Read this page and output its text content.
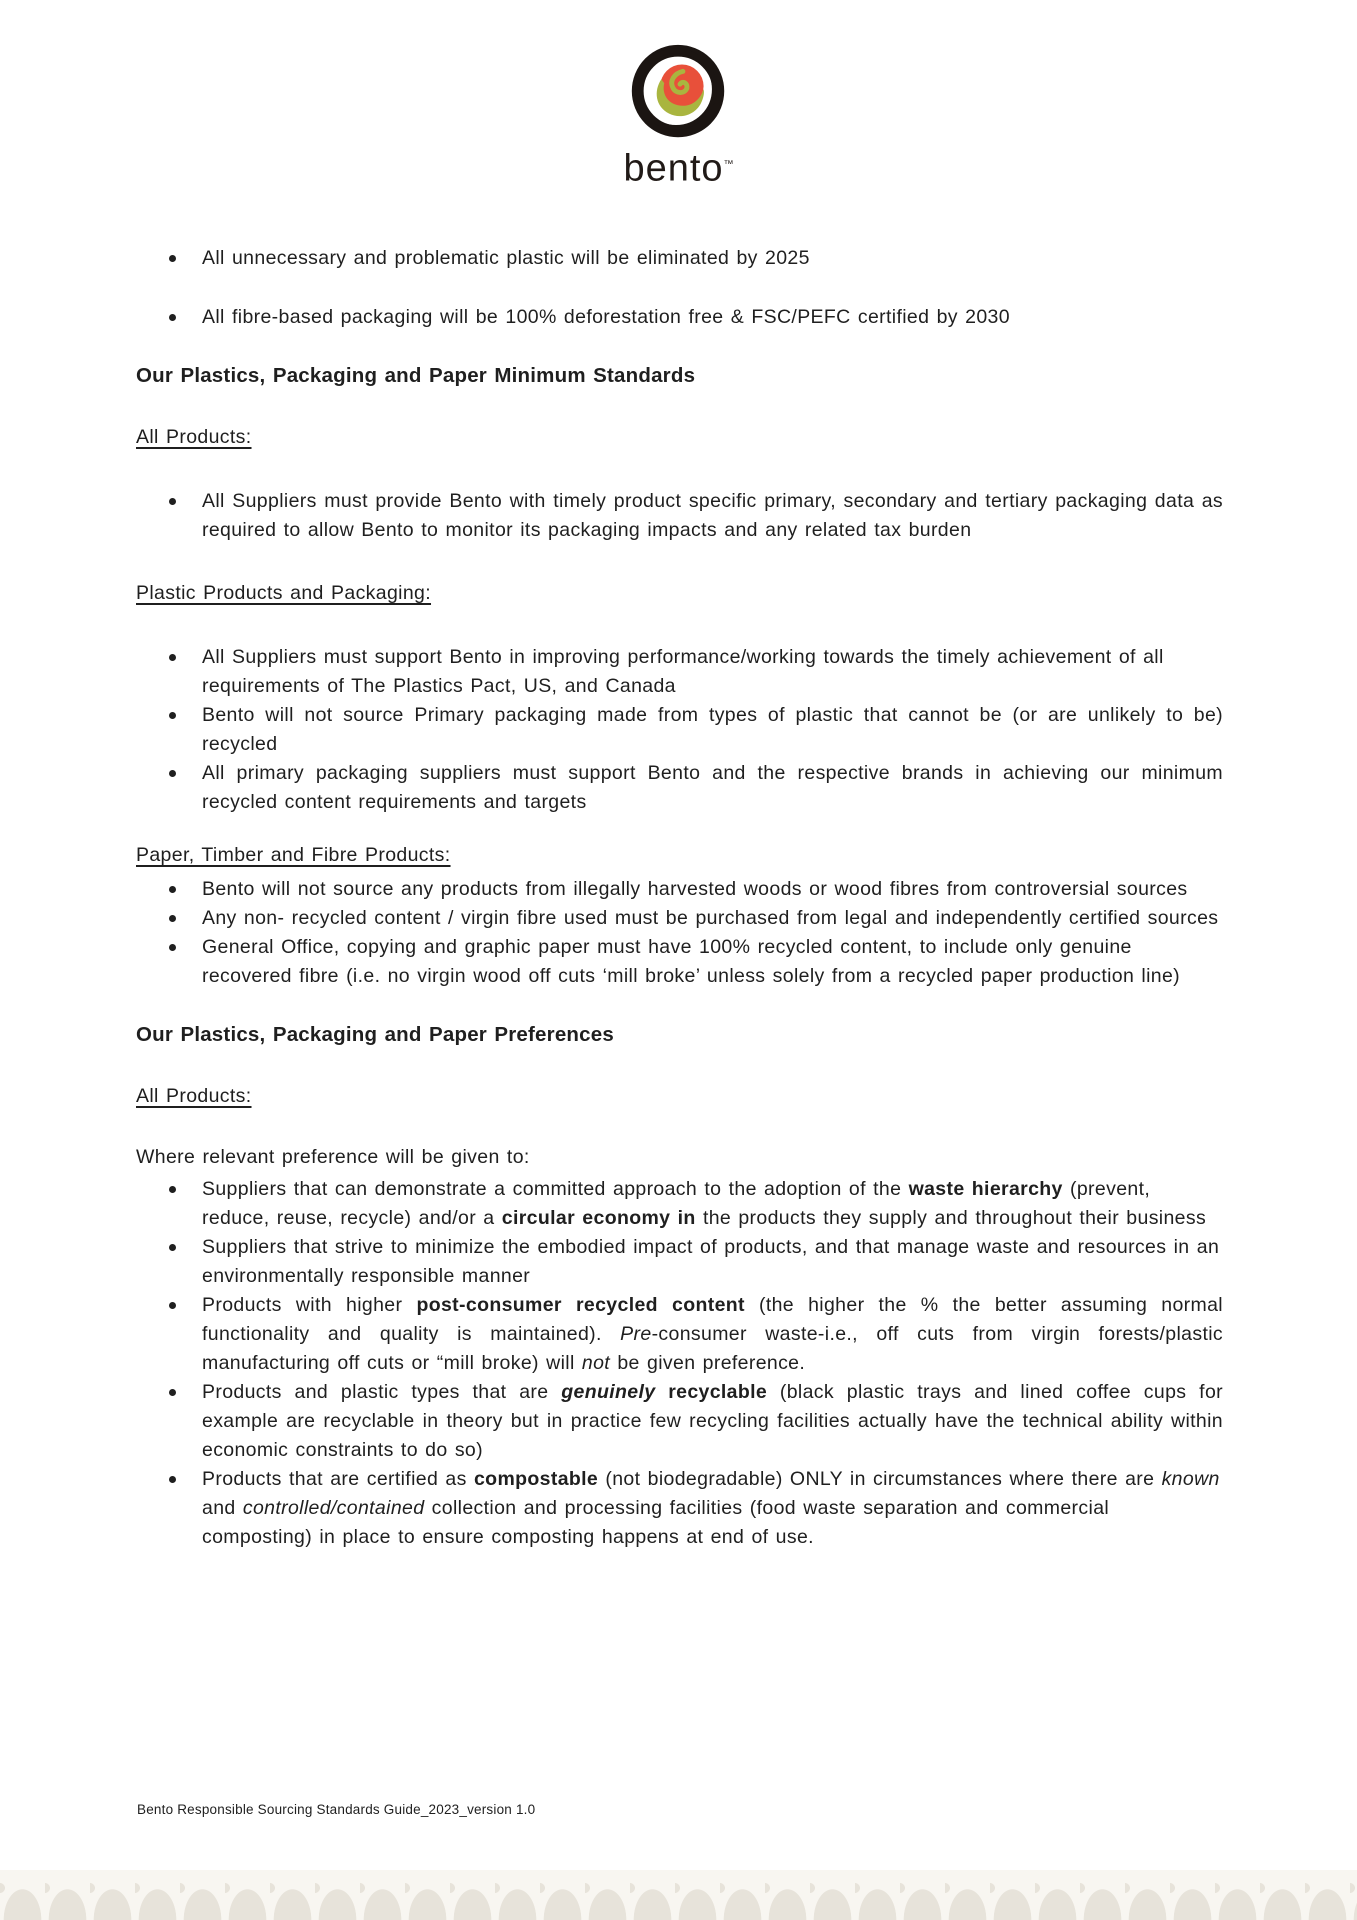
bento™
All unnecessary and problematic plastic will be eliminated by 2025
All fibre-based packaging will be 100% deforestation free & FSC/PEFC certified by 2030
Our Plastics, Packaging and Paper Minimum Standards
All Products:
All Suppliers must provide Bento with timely product specific primary, secondary and tertiary packaging data as required to allow Bento to monitor its packaging impacts and any related tax burden
Plastic Products and Packaging:
All Suppliers must support Bento in improving performance/working towards the timely achievement of all requirements of The Plastics Pact, US, and Canada
Bento will not source Primary packaging made from types of plastic that cannot be (or are unlikely to be) recycled
All primary packaging suppliers must support Bento and the respective brands in achieving our minimum recycled content requirements and targets
Paper, Timber and Fibre Products:
Bento will not source any products from illegally harvested woods or wood fibres from controversial sources
Any non- recycled content / virgin fibre used must be purchased from legal and independently certified sources
General Office, copying and graphic paper must have 100% recycled content, to include only genuine recovered fibre (i.e. no virgin wood off cuts ‘mill broke’ unless solely from a recycled paper production line)
Our Plastics, Packaging and Paper Preferences
All Products:

Where relevant preference will be given to:

Suppliers that can demonstrate a committed approach to the adoption of the waste hierarchy (prevent, reduce, reuse, recycle) and/or a circular economy in the products they supply and throughout their business
Suppliers that strive to minimize the embodied impact of products, and that manage waste and resources in an environmentally responsible manner
Products with higher post-consumer recycled content (the higher the % the better assuming normal functionality and quality is maintained). Pre-consumer waste-i.e., off cuts from virgin forests/plastic manufacturing off cuts or “mill broke) will not be given preference.
Products and plastic types that are genuinely recyclable (black plastic trays and lined coffee cups for example are recyclable in theory but in practice few recycling facilities actually have the technical ability within economic constraints to do so)
Products that are certified as compostable (not biodegradable) ONLY in circumstances where there are known and controlled/contained collection and processing facilities (food waste separation and commercial composting) in place to ensure composting happens at end of use.
Bento Responsible Sourcing Standards Guide_2023_version 1.0
